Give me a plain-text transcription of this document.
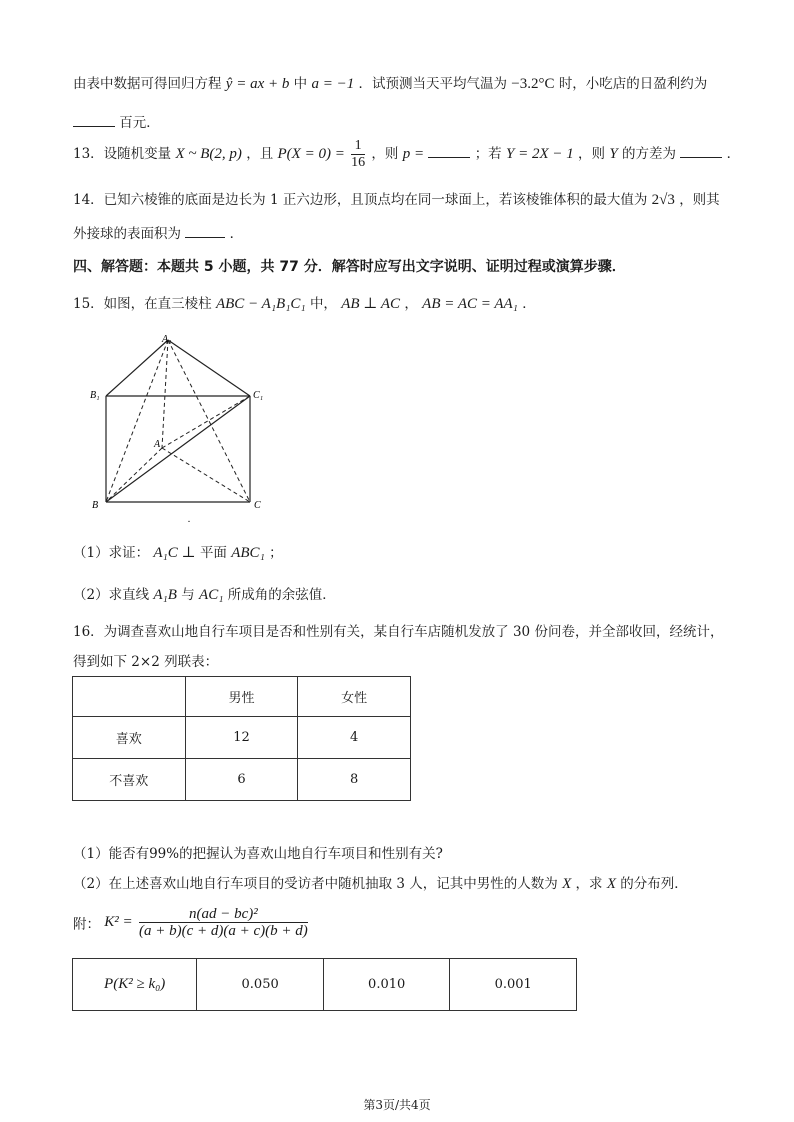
由表中数据可得回归方程 ŷ = ax + b 中 a = −1 ．试预测当天平均气温为 −3.2°C 时，小吃店的日盈利约为
百元．
13．设随机变量 X ~ B(2, p) ，且 $P(X = 0) = \frac{1}{16}$ ，则 p =	；若 Y = 2X − 1 ，则 Y 的方差为	．
14．已知六棱锥的底面是边长为 1 正六边形，且顶点均在同一球面上，若该棱锥体积的最大值为 2√3 ，则其
外接球的表面积为	．
四、解答题：本题共 5 小题，共 77 分．解答时应写出文字说明、证明过程或演算步骤．
15．如图，在直三棱柱 ABC − A₁B₁C₁ 中， AB ⊥ AC ， AB = AC = AA₁ ．
A₁
B₁	C₁
A
B	C
.
（1）求证： A₁C ⊥ 平面 ABC₁ ；
（2）求直线 A₁B 与 AC₁ 所成角的余弦值．
16．为调查喜欢山地自行车项目是否和性别有关，某自行车店随机发放了 30 份问卷，并全部收回，经统计，
得到如下 2×2 列联表：
	男性	女性
喜欢	12	4
不喜欢	6	8
（1）能否有99%的把握认为喜欢山地自行车项目和性别有关?
（2）在上述喜欢山地自行车项目的受访者中随机抽取 3 人，记其中男性的人数为 X ，求 X 的分布列．
附： $K^2 = \frac{\text{n(ad − bc)²}}{(a + b)(c + d)(a + c)(b + d)}$
P(K² ≥ k₀)	0.050	0.010	0.001
第3页/共4页
